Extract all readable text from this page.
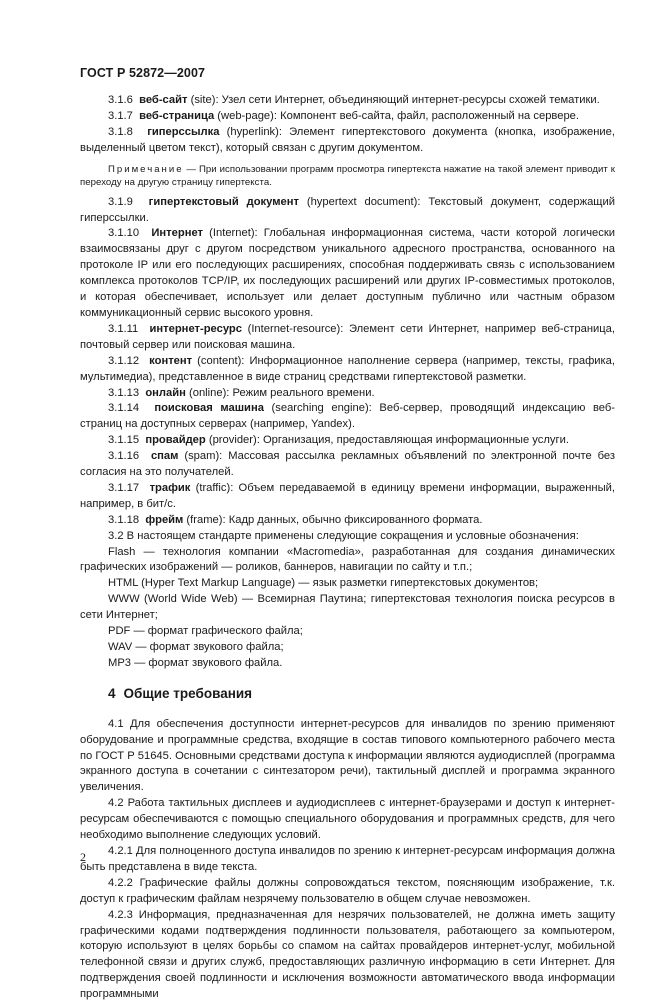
ГОСТ Р 52872—2007

3.1.6 веб-сайт (site): Узел сети Интернет, объединяющий интернет-ресурсы схожей тематики.

3.1.7 веб-страница (web-page): Компонент веб-сайта, файл, расположенный на сервере.

3.1.8 гиперссылка (hyperlink): Элемент гипертекстового документа (кнопка, изображение, выделенный цветом текст), который связан с другим документом.

Примечание — При использовании программ просмотра гипертекста нажатие на такой элемент приводит к переходу на другую страницу гипертекста.

3.1.9 гипертекстовый документ (hypertext document): Текстовый документ, содержащий гиперссылки.

3.1.10 Интернет (Internet): Глобальная информационная система, части которой логически взаимосвязаны друг с другом посредством уникального адресного пространства, основанного на протоколе IP или его последующих расширениях, способная поддерживать связь с использованием комплекса протоколов TCP/IP, их последующих расширений или других IP-совместимых протоколов, и которая обеспечивает, использует или делает доступным публично или частным образом коммуникационный сервис высокого уровня.

3.1.11 интернет-ресурс (Internet-resource): Элемент сети Интернет, например веб-страница, почтовый сервер или поисковая машина.

3.1.12 контент (content): Информационное наполнение сервера (например, тексты, графика, мультимедиа), представленное в виде страниц средствами гипертекстовой разметки.

3.1.13 онлайн (online): Режим реального времени.

3.1.14 поисковая машина (searching engine): Веб-сервер, проводящий индексацию веб-страниц на доступных серверах (например, Yandex).

3.1.15 провайдер (provider): Организация, предоставляющая информационные услуги.

3.1.16 спам (spam): Массовая рассылка рекламных объявлений по электронной почте без согласия на это получателей.

3.1.17 трафик (traffic): Объем передаваемой в единицу времени информации, выраженный, например, в бит/с.

3.1.18 фрейм (frame): Кадр данных, обычно фиксированного формата.

3.2 В настоящем стандарте применены следующие сокращения и условные обозначения:

Flash — технология компании «Macromedia», разработанная для создания динамических графических изображений — роликов, баннеров, навигации по сайту и т.п.;

HTML (Hyper Text Markup Language) — язык разметки гипертекстовых документов;

WWW (World Wide Web) — Всемирная Паутина; гипертекстовая технология поиска ресурсов в сети Интернет;

PDF — формат графического файла;

WAV — формат звукового файла;

MP3 — формат звукового файла.

4 Общие требования

4.1 Для обеспечения доступности интернет-ресурсов для инвалидов по зрению применяют оборудование и программные средства, входящие в состав типового компьютерного рабочего места по ГОСТ Р 51645. Основными средствами доступа к информации являются аудиодисплей (программа экранного доступа в сочетании с синтезатором речи), тактильный дисплей и программа экранного увеличения.

4.2 Работа тактильных дисплеев и аудиодисплеев с интернет-браузерами и доступ к интернет-ресурсам обеспечиваются с помощью специального оборудования и программных средств, для чего необходимо выполнение следующих условий.

4.2.1 Для полноценного доступа инвалидов по зрению к интернет-ресурсам информация должна быть представлена в виде текста.

4.2.2 Графические файлы должны сопровождаться текстом, поясняющим изображение, т.к. доступ к графическим файлам незрячему пользователю в общем случае невозможен.

4.2.3 Информация, предназначенная для незрячих пользователей, не должна иметь защиту графическими кодами подтверждения подлинности пользователя, работающего за компьютером, которую используют в целях борьбы со спамом на сайтах провайдеров интернет-услуг, мобильной телефонной связи и других служб, предоставляющих различную информацию в сети Интернет. Для подтверждения своей подлинности и исключения возможности автоматического ввода информации программными

2
